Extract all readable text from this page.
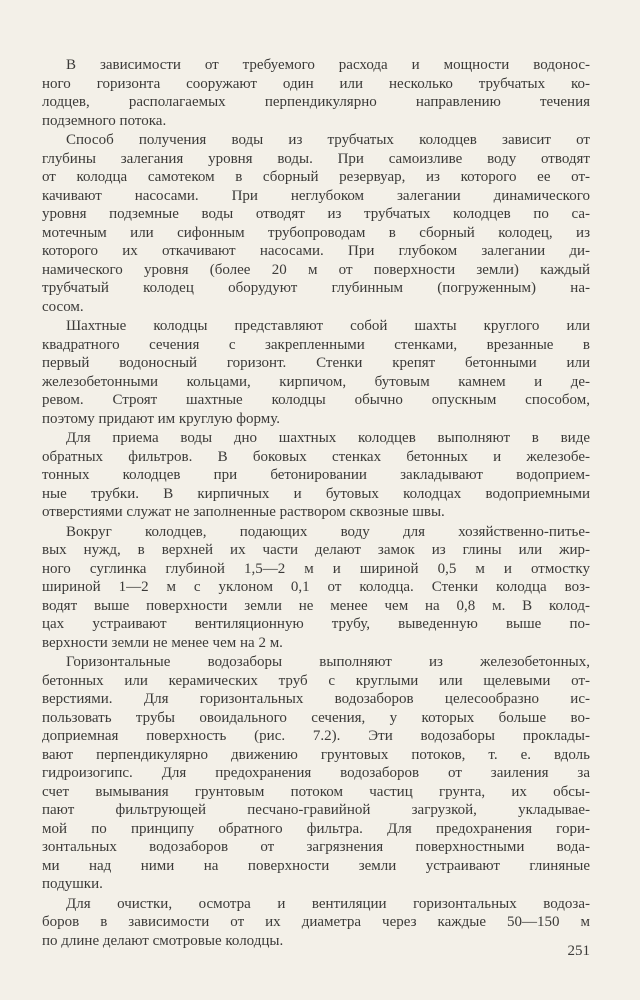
В зависимости от требуемого расхода и мощности водонос-
ного горизонта сооружают один или несколько трубчатых ко-
лодцев, располагаемых перпендикулярно направлению течения
подземного потока.
Способ получения воды из трубчатых колодцев зависит от
глубины залегания уровня воды. При самоизливе воду отводят
от колодца самотеком в сборный резервуар, из которого ее от-
качивают насосами. При неглубоком залегании динамического
уровня подземные воды отводят из трубчатых колодцев по са-
мотечным или сифонным трубопроводам в сборный колодец, из
которого их откачивают насосами. При глубоком залегании ди-
намического уровня (более 20 м от поверхности земли) каждый
трубчатый колодец оборудуют глубинным (погруженным) на-
сосом.
Шахтные колодцы представляют собой шахты круглого или
квадратного сечения с закрепленными стенками, врезанные в
первый водоносный горизонт. Стенки крепят бетонными или
железобетонными кольцами, кирпичом, бутовым камнем и де-
ревом. Строят шахтные колодцы обычно опускным способом,
поэтому придают им круглую форму.
Для приема воды дно шахтных колодцев выполняют в виде
обратных фильтров. В боковых стенках бетонных и железобе-
тонных колодцев при бетонировании закладывают водоприем-
ные трубки. В кирпичных и бутовых колодцах водоприемными
отверстиями служат не заполненные раствором сквозные швы.
Вокруг колодцев, подающих воду для хозяйственно-питье-
вых нужд, в верхней их части делают замок из глины или жир-
ного суглинка глубиной 1,5—2 м и шириной 0,5 м и отмостку
шириной 1—2 м с уклоном 0,1 от колодца. Стенки колодца воз-
водят выше поверхности земли не менее чем на 0,8 м. В колод-
цах устраивают вентиляционную трубу, выведенную выше по-
верхности земли не менее чем на 2 м.
Горизонтальные водозаборы выполняют из железобетонных,
бетонных или керамических труб с круглыми или щелевыми от-
верстиями. Для горизонтальных водозаборов целесообразно ис-
пользовать трубы овоидального сечения, у которых больше во-
доприемная поверхность (рис. 7.2). Эти водозаборы проклады-
вают перпендикулярно движению грунтовых потоков, т. е. вдоль
гидроизогипс. Для предохранения водозаборов от заиления за
счет вымывания грунтовым потоком частиц грунта, их обсы-
пают фильтрующей песчано-гравийной загрузкой, укладывае-
мой по принципу обратного фильтра. Для предохранения гори-
зонтальных водозаборов от загрязнения поверхностными вода-
ми над ними на поверхности земли устраивают глиняные
подушки.
Для очистки, осмотра и вентиляции горизонтальных водоза-
боров в зависимости от их диаметра через каждые 50—150 м
по длине делают смотровые колодцы.
251
